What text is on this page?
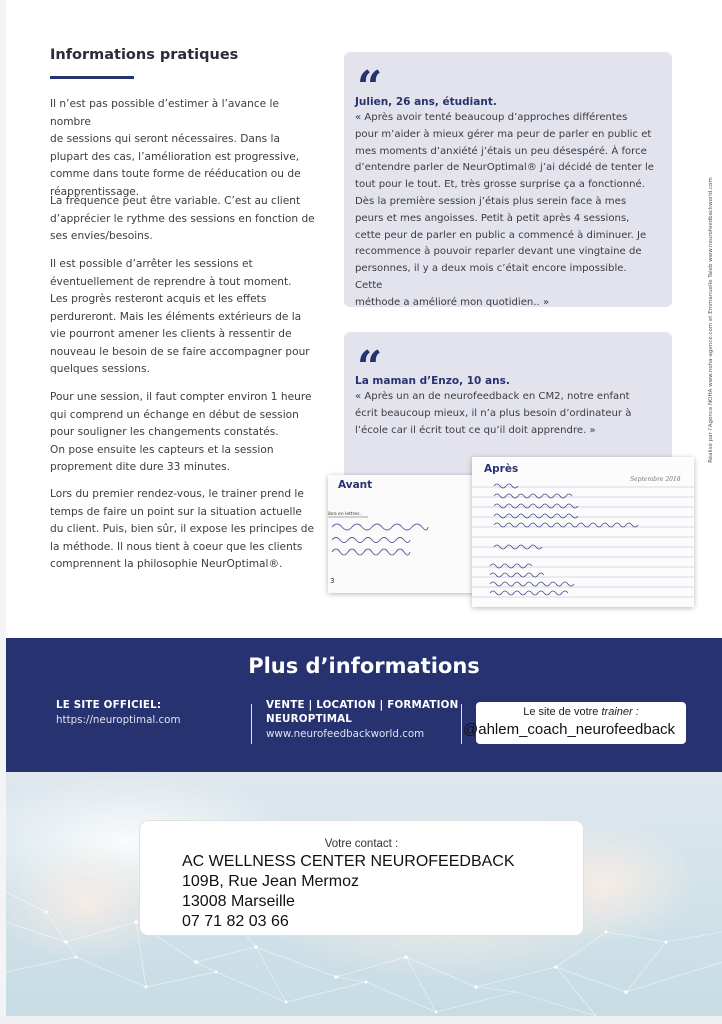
Informations pratiques

Il n’est pas possible d’estimer à l’avance le nombre

de sessions qui seront nécessaires. Dans la

plupart des cas, l’amélioration est progressive,

comme dans toute forme de rééducation ou de

réapprentissage.

La fréquence peut être variable. C’est au client

d’apprécier le rythme des sessions en fonction de

ses envies/besoins.

Il est possible d’arrêter les sessions et

éventuellement de reprendre à tout moment.

Les progrès resteront acquis et les effets

perdureront. Mais les éléments extérieurs de la

vie pourront amener les clients à ressentir de

nouveau le besoin de se faire accompagner pour

quelques sessions.

Pour une session, il faut compter environ 1 heure

qui comprend un échange en début de session

pour souligner les changements constatés.

On pose ensuite les capteurs et la session

proprement dite dure 33 minutes.

Lors du premier rendez-vous, le trainer prend le

temps de faire un point sur la situation actuelle

du client. Puis, bien sûr, il expose les principes de

la méthode. Il nous tient à coeur que les clients

comprennent la philosophie NeurOptimal®.

“
Julien, 26 ans, étudiant.

« Après avoir tenté beaucoup d’approches différentes

pour m’aider à mieux gérer ma peur de parler en public et

mes moments d’anxiété j’étais un peu désespéré. À force

d’entendre parler de NeurOptimal® j’ai décidé de tenter le

tout pour le tout. Et, très grosse surprise ça a fonctionné.

Dès la première session j’étais plus serein face à mes

peurs et mes angoisses. Petit à petit après 4 sessions,

cette peur de parler en public a commencé à diminuer. Je

recommence à pouvoir reparler devant une vingtaine de

personnes, il y a deux mois c’était encore impossible. Cette

méthode a amélioré mon quotidien.. »

“
La maman d’Enzo, 10 ans.

« Après un an de neurofeedback en CM2, notre enfant

écrit beaucoup mieux, il n’a plus besoin d’ordinateur à

l’école car il écrit tout ce qu’il doit apprendre. »

ibre en lettres.
3
Avant	Septembre 2018
Après
Réalisé par l’Agence NOHA www.noha-agence.com et Emmanuelle Taieb www.neurofeedbackworld.com
Plus d’informations
LE SITE OFFICIEL:
https://neuroptimal.com
VENTE | LOCATION | FORMATION
NEUROPTIMAL
www.neurofeedbackworld.com
Le site de votre trainer :
@ahlem_coach_neurofeedback
Votre contact :
AC WELLNESS CENTER NEUROFEEDBACK
109B, Rue Jean Mermoz
13008 Marseille
07 71 82 03 66
